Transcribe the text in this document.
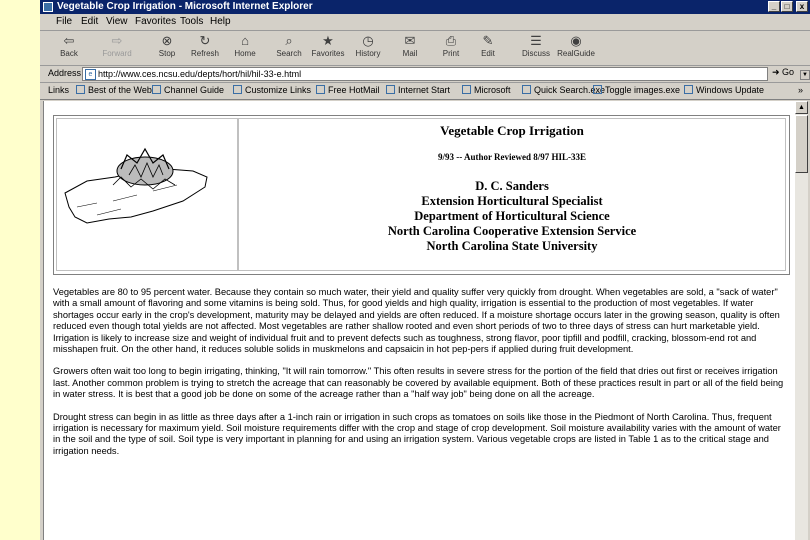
Vegetable Crop Irrigation - Microsoft Internet Explorer	_	□	x
File Edit View Favorites Tools Help
⇦
Back
⇨
Forward
⊗
Stop
↻
Refresh
⌂
Home
⌕
Search
★
Favorites
◷
History
✉
Mail
⎙
Print
✎
Edit
☰
Discuss
◉
RealGuide
Address	e http://www.ces.ncsu.edu/depts/hort/hil/hil-33-e.html	▼
➜ Go
Links	Best of the Web	Channel Guide	Customize Links	Free HotMail	Internet Start	Microsoft	Quick Search.exe Toggle images.exe	Windows Update	»
Vegetable Crop Irrigation
9/93 -- Author Reviewed 8/97 HIL-33E
D. C. Sanders
Extension Horticultural Specialist
Department of Horticultural Science
North Carolina Cooperative Extension Service
North Carolina State University

Vegetables are 80 to 95 percent water. Because they contain so much water, their yield and quality suffer very quickly from drought. When vegetables are sold, a "sack of water" with a small amount of flavoring and some vitamins is being sold. Thus, for good yields and high quality, irrigation is essential to the production of most vegetables. If water shortages occur early in the crop's development, maturity may be delayed and yields are often reduced. If a moisture shortage occurs later in the growing season, quality is often reduced even though total yields are not affected. Most vegetables are rather shallow rooted and even short periods of two to three days of stress can hurt marketable yield. Irrigation is likely to increase size and weight of individual fruit and to prevent defects such as toughness, strong flavor, poor tipfill and podfill, cracking, blossom-end rot and misshapen fruit. On the other hand, it reduces soluble solids in muskmelons and capsaicin in hot pep-pers if applied during fruit development.

Growers often wait too long to begin irrigating, thinking, "It will rain tomorrow." This often results in severe stress for the portion of the field that dries out first or receives irrigation last. Another common problem is trying to stretch the acreage that can reasonably be covered by available equipment. Both of these practices result in part or all of the field being in water stress. It is best that a good job be done on some of the acreage rather than a "half way job" being done on all the acreage.

Drought stress can begin in as little as three days after a 1-inch rain or irrigation in such crops as tomatoes on soils like those in the Piedmont of North Carolina. Thus, frequent irrigation is necessary for maximum yield. Soil moisture requirements differ with the crop and stage of crop development. Soil moisture availability varies with the amount of water in the soil and the type of soil. Soil type is very important in planning for and using an irrigation system. Various vegetable crops are listed in Table 1 as to the critical stage and irrigation needs.

▲
